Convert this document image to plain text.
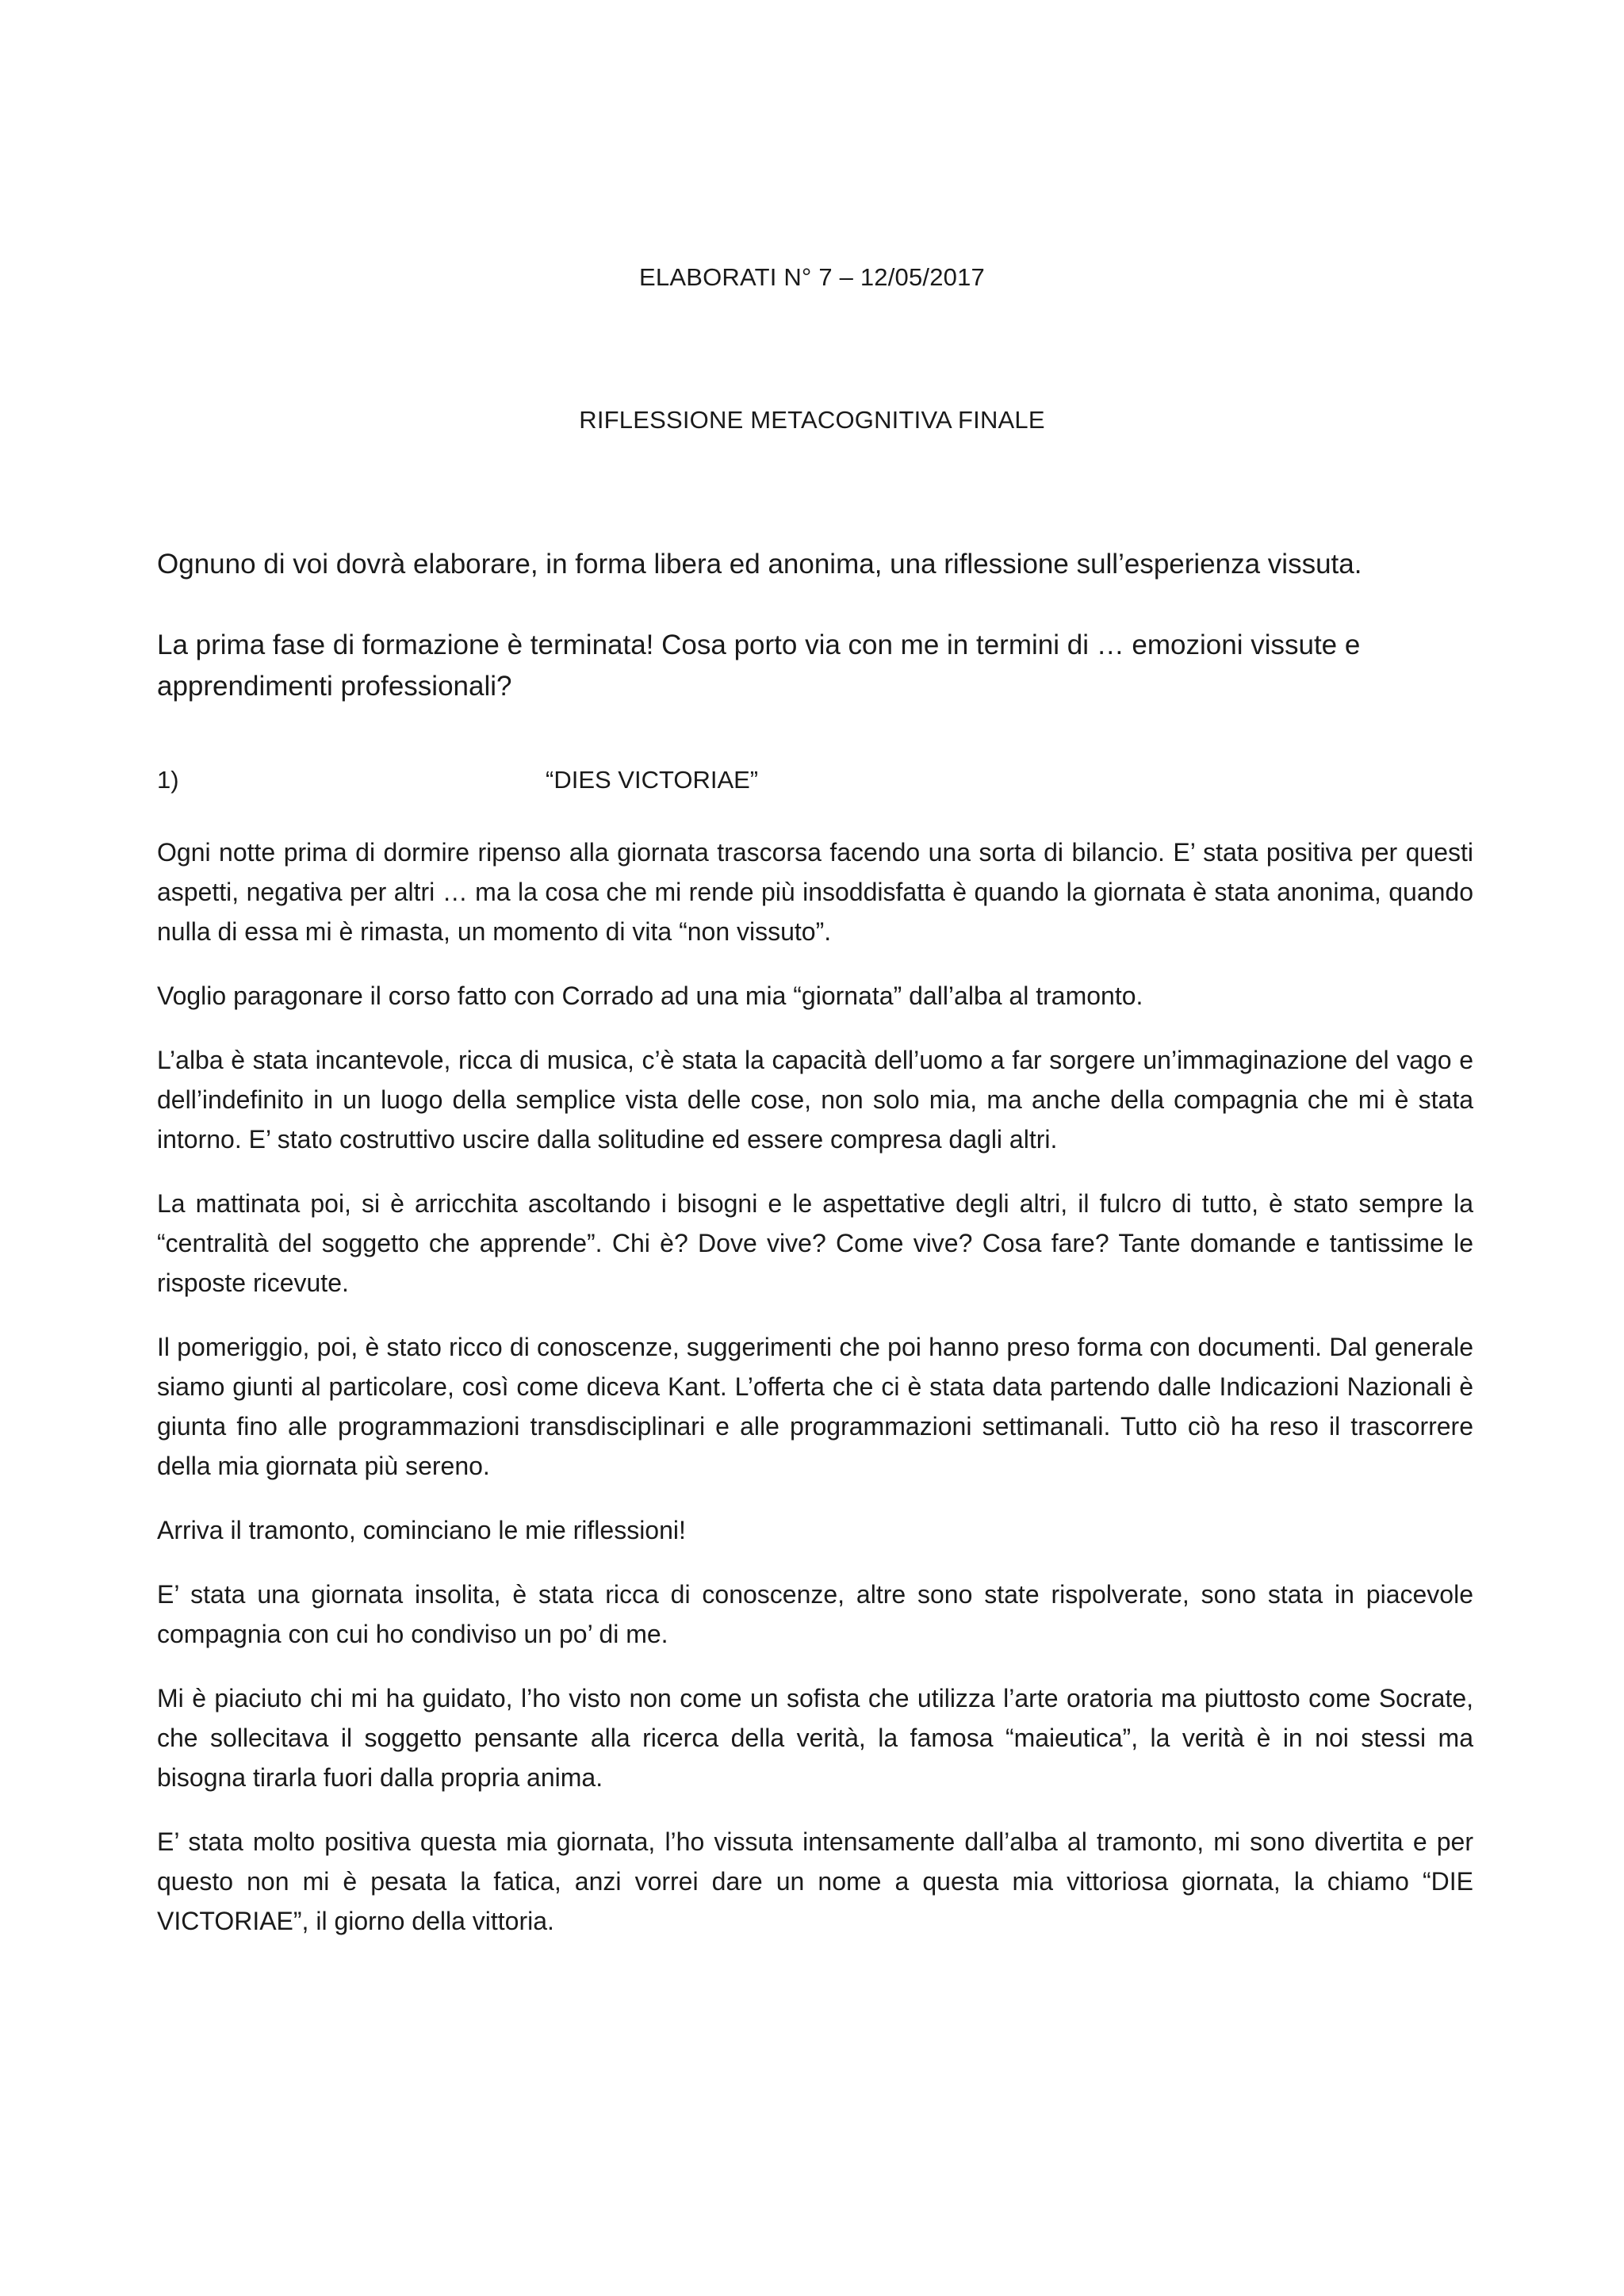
ELABORATI N° 7 – 12/05/2017
RIFLESSIONE METACOGNITIVA FINALE
Ognuno di voi dovrà elaborare, in forma libera ed anonima, una riflessione sull’esperienza vissuta.
La prima fase di formazione è terminata! Cosa porto via con me in termini di … emozioni vissute e apprendimenti professionali?
1)	“DIES VICTORIAE”

Ogni notte prima di dormire ripenso alla giornata trascorsa facendo una sorta di bilancio. E’ stata positiva per questi aspetti, negativa per altri … ma la cosa che mi rende più insoddisfatta è quando la giornata è stata anonima, quando nulla di essa mi è rimasta, un momento di vita “non vissuto”.

Voglio paragonare il corso fatto con Corrado ad una mia “giornata” dall’alba al tramonto.

L’alba è stata incantevole, ricca di musica, c’è stata la capacità dell’uomo a far sorgere un’immaginazione del vago e dell’indefinito in un luogo della semplice vista delle cose, non solo mia, ma anche della compagnia che mi è stata intorno. E’ stato costruttivo uscire dalla solitudine ed essere compresa dagli altri.

La mattinata poi, si è arricchita ascoltando i bisogni e le aspettative degli altri, il fulcro di tutto, è stato sempre la “centralità del soggetto che apprende”. Chi è? Dove vive? Come vive? Cosa fare? Tante domande e tantissime le risposte ricevute.

Il pomeriggio, poi, è stato ricco di conoscenze, suggerimenti che poi hanno preso forma con documenti. Dal generale siamo giunti al particolare, così come diceva Kant. L’offerta che ci è stata data partendo dalle Indicazioni Nazionali è giunta fino alle programmazioni transdisciplinari e alle programmazioni settimanali. Tutto ciò ha reso il trascorrere della mia giornata più sereno.

Arriva il tramonto, cominciano le mie riflessioni!

E’ stata una giornata insolita, è stata ricca di conoscenze, altre sono state rispolverate, sono stata in piacevole compagnia con cui ho condiviso un po’ di me.

Mi è piaciuto chi mi ha guidato, l’ho visto non come un sofista che utilizza l’arte oratoria ma piuttosto come Socrate, che sollecitava il soggetto pensante alla ricerca della verità, la famosa “maieutica”, la verità è in noi stessi ma bisogna tirarla fuori dalla propria anima.

E’ stata molto positiva questa mia giornata, l’ho vissuta intensamente dall’alba al tramonto, mi sono divertita e per questo non mi è pesata la fatica, anzi vorrei dare un nome a questa mia vittoriosa giornata, la chiamo “DIE VICTORIAE”, il giorno della vittoria.
